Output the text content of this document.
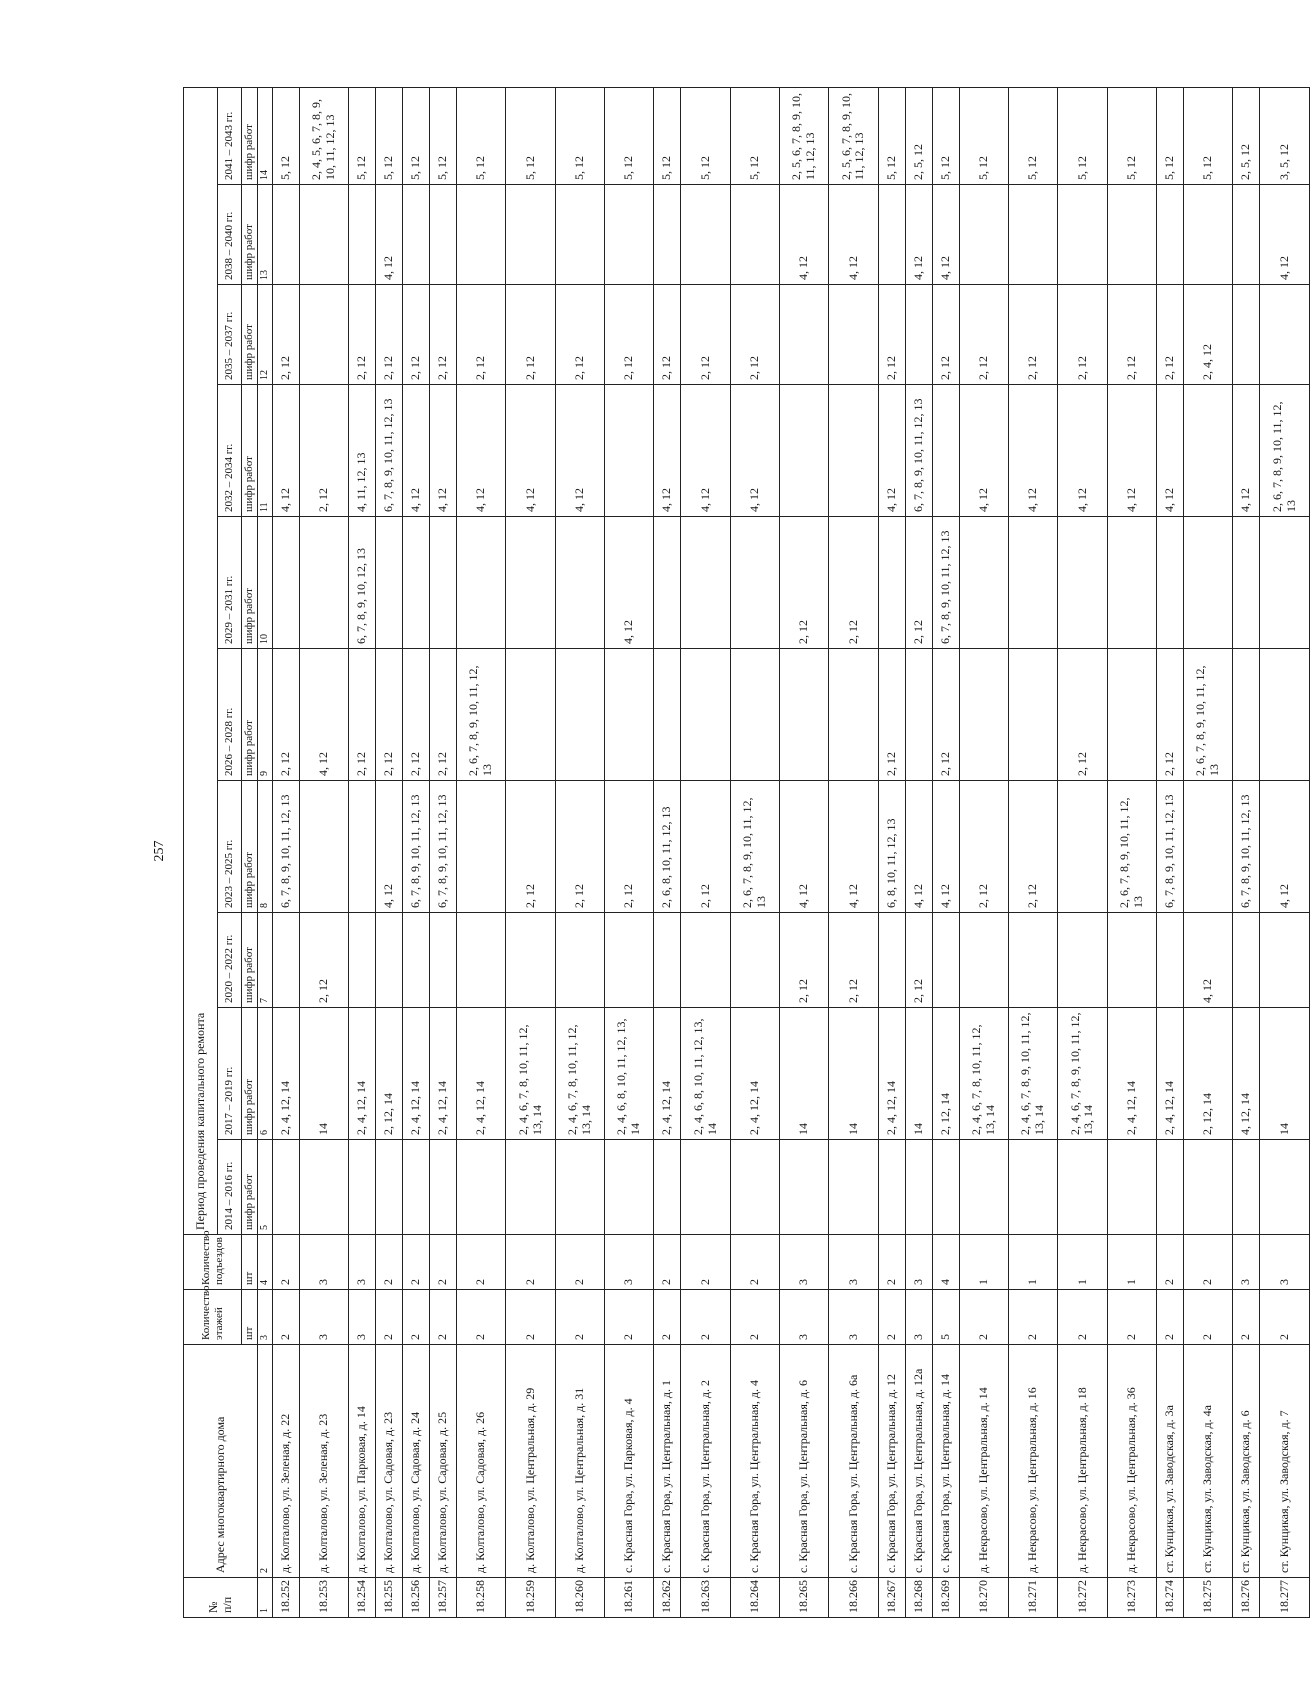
257
№
п/п	Адрес многоквартирного дома	Количество этажей	Количество подъездов	Период проведения капитального ремонта									
				2014 – 2016 гг.	2017 – 2019 гг.	2020 – 2022 гг.	2023 – 2025 гг.	2026 – 2028 гг.	2029 – 2031 гг.	2032 – 2034 гг.	2035 – 2037 гг.	2038 – 2040 гг.	2041 – 2043 гг.
		шт	шт	шифр работ	шифр работ	шифр работ	шифр работ	шифр работ	шифр работ	шифр работ	шифр работ	шифр работ	шифр работ
1	2	3	4	5	6	7	8	9	10	11	12	13	14
18.252	д. Колталово, ул. Зеленая, д. 22	2	2		2, 4, 12, 14		6, 7, 8, 9, 10, 11, 12, 13	2, 12		4, 12	2, 12		5, 12
18.253	д. Колталово, ул. Зеленая, д. 23	3	3		14	2, 12		4, 12		2, 12			2, 4, 5, 6, 7, 8, 9, 10, 11, 12, 13
18.254	д. Колталово, ул. Парковая, д. 14	3	3		2, 4, 12, 14			2, 12	6, 7, 8, 9, 10, 12, 13	4, 11, 12, 13	2, 12		5, 12
18.255	д. Колталово, ул. Садовая, д. 23	2	2		2, 12, 14		4, 12	2, 12		6, 7, 8, 9, 10, 11, 12, 13	2, 12	4, 12	5, 12
18.256	д. Колталово, ул. Садовая, д. 24	2	2		2, 4, 12, 14		6, 7, 8, 9, 10, 11, 12, 13	2, 12		4, 12	2, 12		5, 12
18.257	д. Колталово, ул. Садовая, д. 25	2	2		2, 4, 12, 14		6, 7, 8, 9, 10, 11, 12, 13	2, 12		4, 12	2, 12		5, 12
18.258	д. Колталово, ул. Садовая, д. 26	2	2		2, 4, 12, 14			2, 6, 7, 8, 9, 10, 11, 12, 13		4, 12	2, 12		5, 12
18.259	д. Колталово, ул. Центральная, д. 29	2	2		2, 4, 6, 7, 8, 10, 11, 12, 13, 14		2, 12			4, 12	2, 12		5, 12
18.260	д. Колталово, ул. Центральная, д. 31	2	2		2, 4, 6, 7, 8, 10, 11, 12, 13, 14		2, 12			4, 12	2, 12		5, 12
18.261	с. Красная Гора, ул. Парковая, д. 4	2	3		2, 4, 6, 8, 10, 11, 12, 13, 14		2, 12		4, 12		2, 12		5, 12
18.262	с. Красная Гора, ул. Центральная, д. 1	2	2		2, 4, 12, 14		2, 6, 8, 10, 11, 12, 13			4, 12	2, 12		5, 12
18.263	с. Красная Гора, ул. Центральная, д. 2	2	2		2, 4, 6, 8, 10, 11, 12, 13, 14		2, 12			4, 12	2, 12		5, 12
18.264	с. Красная Гора, ул. Центральная, д. 4	2	2		2, 4, 12, 14		2, 6, 7, 8, 9, 10, 11, 12, 13			4, 12	2, 12		5, 12
18.265	с. Красная Гора, ул. Центральная, д. 6	3	3		14	2, 12	4, 12		2, 12			4, 12	2, 5, 6, 7, 8, 9, 10, 11, 12, 13
18.266	с. Красная Гора, ул. Центральная, д. 6а	3	3		14	2, 12	4, 12		2, 12			4, 12	2, 5, 6, 7, 8, 9, 10, 11, 12, 13
18.267	с. Красная Гора, ул. Центральная, д. 12	2	2		2, 4, 12, 14		6, 8, 10, 11, 12, 13	2, 12		4, 12	2, 12		5, 12
18.268	с. Красная Гора, ул. Центральная, д. 12а	3	3		14	2, 12	4, 12		2, 12	6, 7, 8, 9, 10, 11, 12, 13		4, 12	2, 5, 12
18.269	с. Красная Гора, ул. Центральная, д. 14	5	4		2, 12, 14		4, 12	2, 12	6, 7, 8, 9, 10, 11, 12, 13		2, 12	4, 12	5, 12
18.270	д. Некрасово, ул. Центральная, д. 14	2	1		2, 4, 6, 7, 8, 10, 11, 12, 13, 14		2, 12			4, 12	2, 12		5, 12
18.271	д. Некрасово, ул. Центральная, д. 16	2	1		2, 4, 6, 7, 8, 9, 10, 11, 12, 13, 14		2, 12			4, 12	2, 12		5, 12
18.272	д. Некрасово, ул. Центральная, д. 18	2	1		2, 4, 6, 7, 8, 9, 10, 11, 12, 13, 14			2, 12		4, 12	2, 12		5, 12
18.273	д. Некрасово, ул. Центральная, д. 36	2	1		2, 4, 12, 14		2, 6, 7, 8, 9, 10, 11, 12, 13			4, 12	2, 12		5, 12
18.274	ст. Кунцикая, ул. Заводская, д. 3а	2	2		2, 4, 12, 14		6, 7, 8, 9, 10, 11, 12, 13	2, 12		4, 12	2, 12		5, 12
18.275	ст. Кунцикая, ул. Заводская, д. 4а	2	2		2, 12, 14	4, 12		2, 6, 7, 8, 9, 10, 11, 12, 13			2, 4, 12		5, 12
18.276	ст. Кунцикая, ул. Заводская, д. 6	2	3		4, 12, 14		6, 7, 8, 9, 10, 11, 12, 13			4, 12			2, 5, 12
18.277	ст. Кунцикая, ул. Заводская, д. 7	2	3		14		4, 12			2, 6, 7, 8, 9, 10, 11, 12, 13		4, 12	3, 5, 12
